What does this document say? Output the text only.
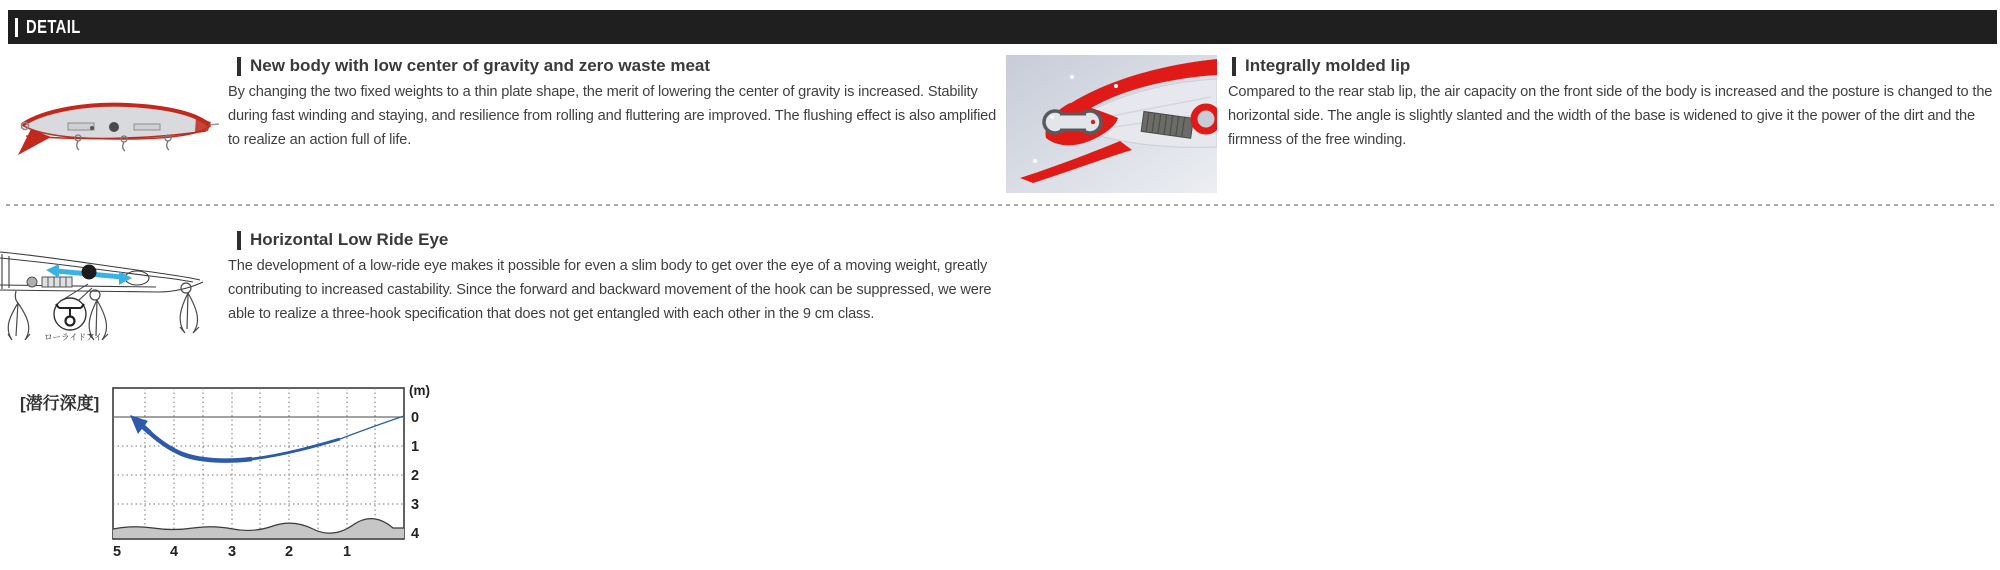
DETAIL
New body with low center of gravity and zero waste meat

By changing the two fixed weights to a thin plate shape, the merit of lowering the center of gravity is increased. Stability during fast winding and staying, and resilience from rolling and fluttering are improved. The flushing effect is also amplified to realize an action full of life.

Integrally molded lip

Compared to the rear stab lip, the air capacity on the front side of the body is increased and the posture is changed to the horizontal side. The angle is slightly slanted and the width of the base is widened to give it the power of the dirt and the firmness of the free winding.

ローライドアイ
Horizontal Low Ride Eye

The development of a low-ride eye makes it possible for even a slim body to get over the eye of a moving weight, greatly contributing to increased castability. Since the forward and backward movement of the hook can be suppressed, we were able to realize a three-hook specification that does not get entangled with each other in the 9 cm class.

[潜行深度]
(m)
0
1
2
3
4
5	4	3	2	1
